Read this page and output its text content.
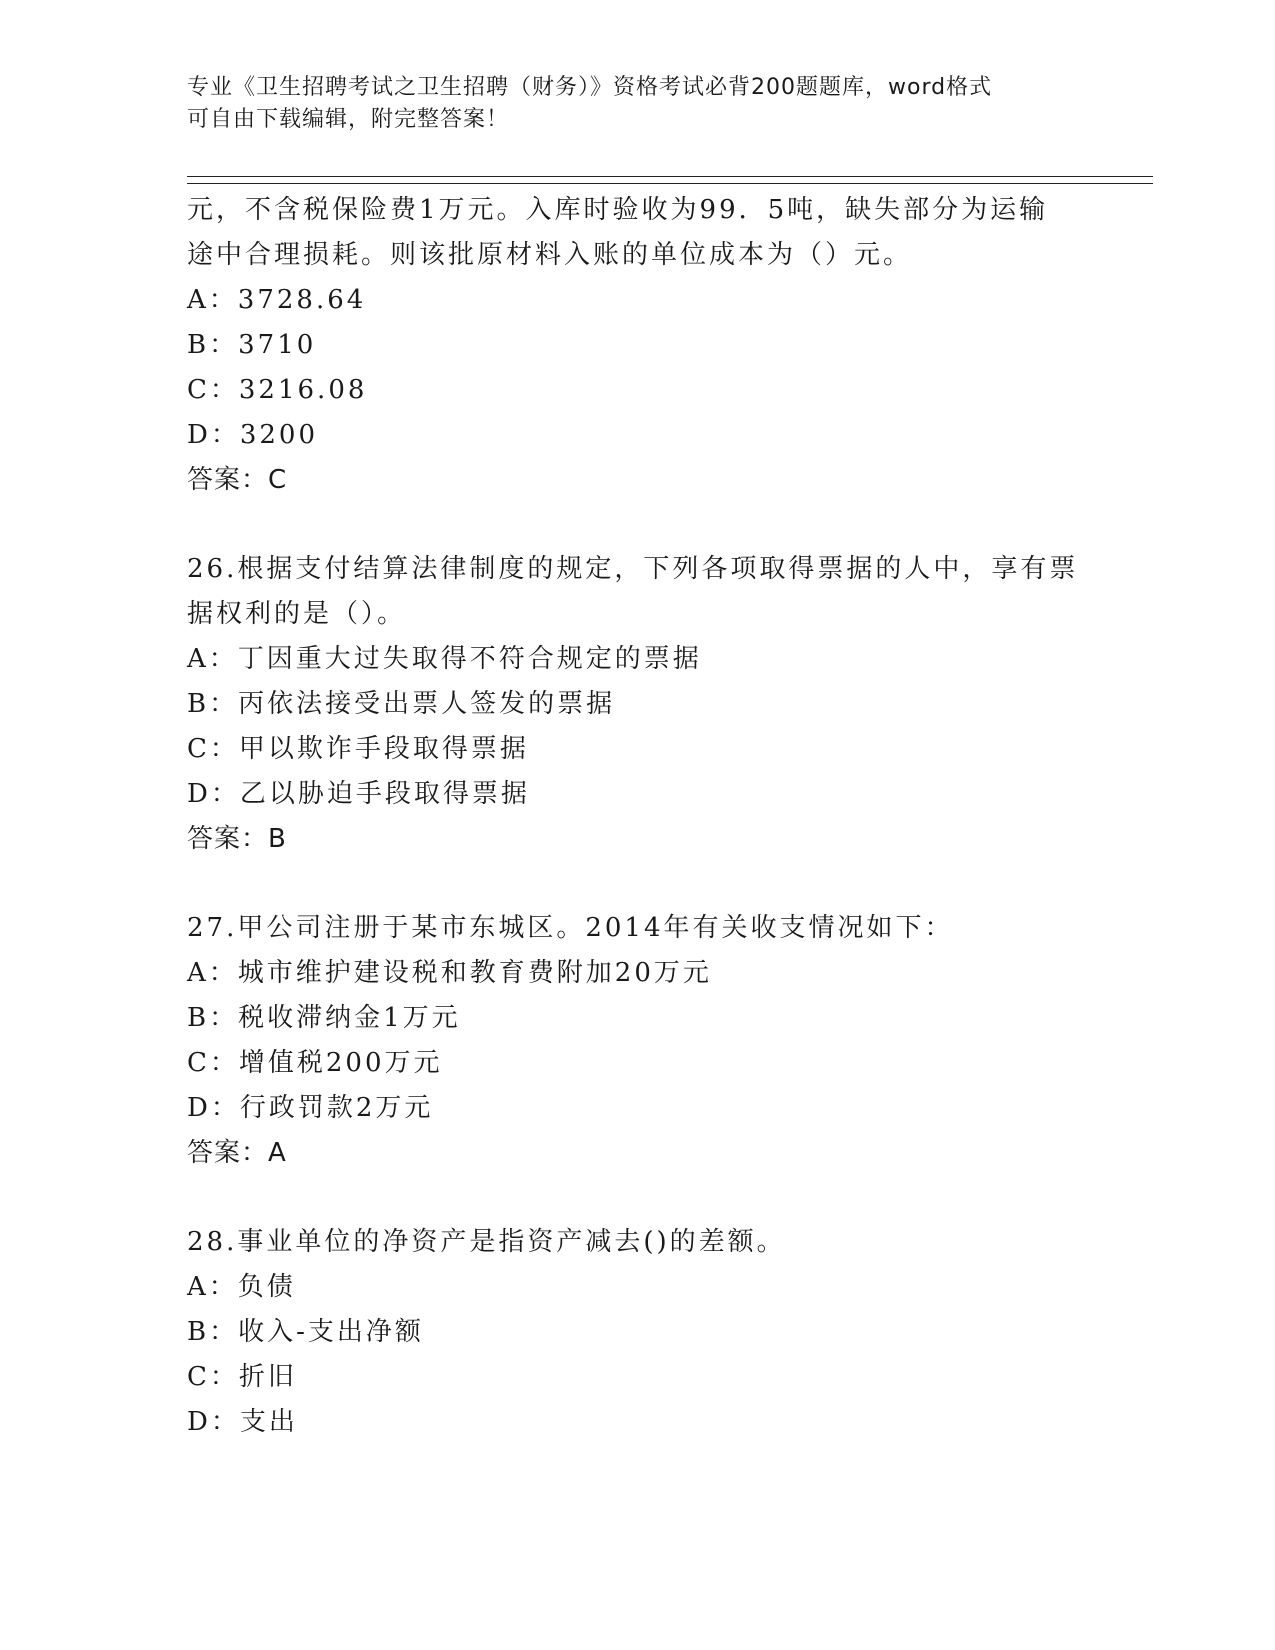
专业《卫生招聘考试之卫生招聘（财务）》资格考试必背200题题库，word格式
可自由下载编辑，附完整答案！
元，不含税保险费1万元。入库时验收为99．5吨，缺失部分为运输
途中合理损耗。则该批原材料入账的单位成本为（）元。
A：3728.64
B：3710
C：3216.08
D：3200
答案：C
26.根据支付结算法律制度的规定，下列各项取得票据的人中，享有票
据权利的是（）。
A：丁因重大过失取得不符合规定的票据
B：丙依法接受出票人签发的票据
C：甲以欺诈手段取得票据
D：乙以胁迫手段取得票据
答案：B
27.甲公司注册于某市东城区。2014年有关收支情况如下：
A：城市维护建设税和教育费附加20万元
B：税收滞纳金1万元
C：增值税200万元
D：行政罚款2万元
答案：A
28.事业单位的净资产是指资产减去()的差额。
A：负债
B：收入-支出净额
C：折旧
D：支出
